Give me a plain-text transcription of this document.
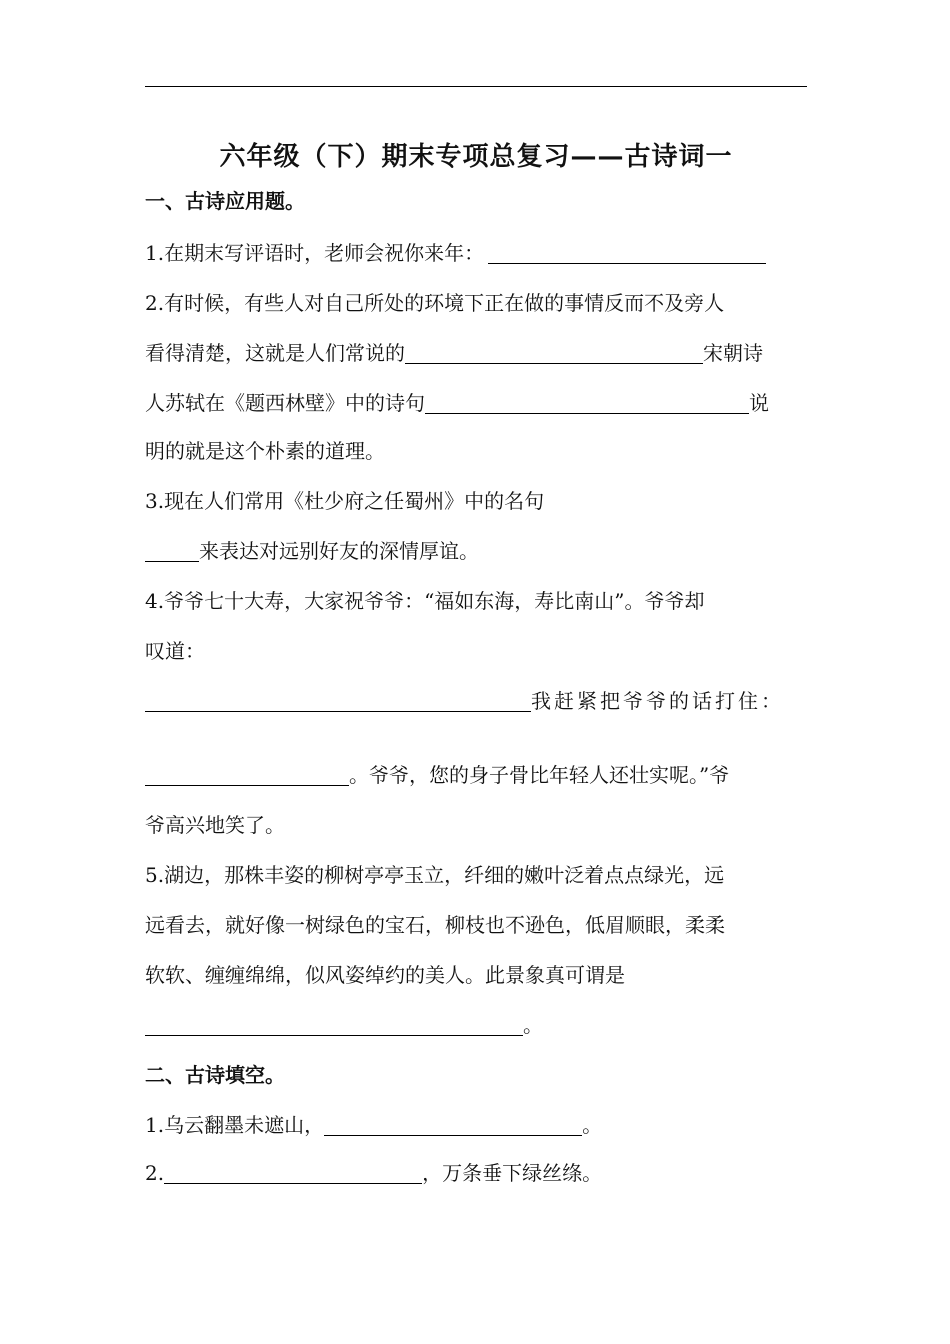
六年级（下）期末专项总复习——古诗词一
一、古诗应用题。
1.在期末写评语时，老师会祝你来年：
2.有时候，有些人对自己所处的环境下正在做的事情反而不及旁人
看得清楚，这就是人们常说的	宋朝诗
人苏轼在《题西林壁》中的诗句	说
明的就是这个朴素的道理。
3.现在人们常用《杜少府之任蜀州》中的名句
来表达对远别好友的深情厚谊。
4.爷爷七十大寿，大家祝爷爷：“福如东海，寿比南山”。爷爷却
叹道：
我赶紧把爷爷的话打住：
。爷爷，您的身子骨比年轻人还壮实呢。”爷
爷高兴地笑了。
5.湖边，那株丰姿的柳树亭亭玉立，纤细的嫩叶泛着点点绿光，远
远看去，就好像一树绿色的宝石，柳枝也不逊色，低眉顺眼，柔柔
软软、缠缠绵绵，似风姿绰约的美人。此景象真可谓是
。
二、古诗填空。
1.乌云翻墨未遮山，	。
2.	，万条垂下绿丝绦。
